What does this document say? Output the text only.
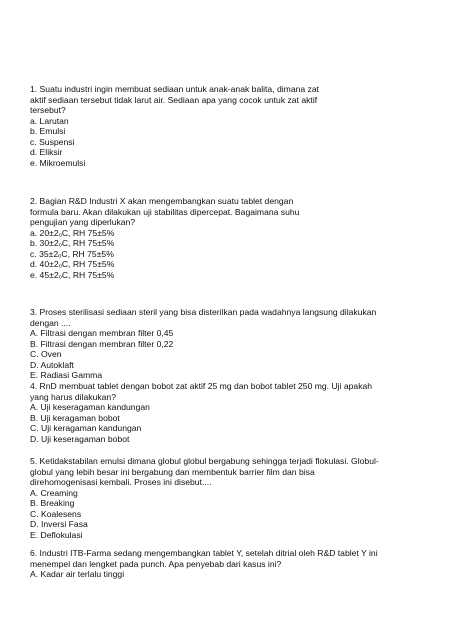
1. Suatu industri ingin membuat sediaan untuk anak-anak balita, dimana zat
aktif sediaan tersebut tidak larut air. Sediaan apa yang cocok untuk zat aktif
tersebut?
a. Larutan
b. Emulsi
c. Suspensi
d. Eliksir
e. Mikroemulsi
2. Bagian R&D Industri X akan mengembangkan suatu tablet dengan
formula baru. Akan dilakukan uji stabilitas dipercepat. Bagaimana suhu
pengujian yang diperlukan?
a. 20±2ₒC, RH 75±5%
b. 30±2ₒC, RH 75±5%
c. 35±2ₒC, RH 75±5%
d. 40±2ₒC, RH 75±5%
e. 45±2ₒC, RH 75±5%
3. Proses sterilisasi sediaan steril yang bisa disterilkan pada wadahnya langsung dilakukan
dengan ....
A. Filtrasi dengan membran filter 0,45
B. Filtrasi dengan membran filter 0,22
C. Oven
D. Autoklaft
E. Radiasi Gamma
4. RnD membuat tablet dengan bobot zat aktif 25 mg dan bobot tablet 250 mg. Uji apakah
yang harus dilakukan?
A. Uji keseragaman kandungan
B. Uji keragaman bobot
C. Uji keragaman kandungan
D. Uji keseragaman bobot
5. Ketidakstabilan emulsi dimana globul globul bergabung sehingga terjadi flokulasi. Globul-
globul yang lebih besar ini bergabung dan membentuk barrier film dan bisa
direhomogenisasi kembali. Proses ini disebut....
A. Creaming
B. Breaking
C. Koalesens
D. Inversi Fasa
E. Deflokulasi
6. Industri ITB-Farma sedang mengembangkan tablet Y, setelah ditrial oleh R&D tablet Y ini
menempel dan lengket pada punch. Apa penyebab dari kasus ini?
A. Kadar air terlalu tinggi
